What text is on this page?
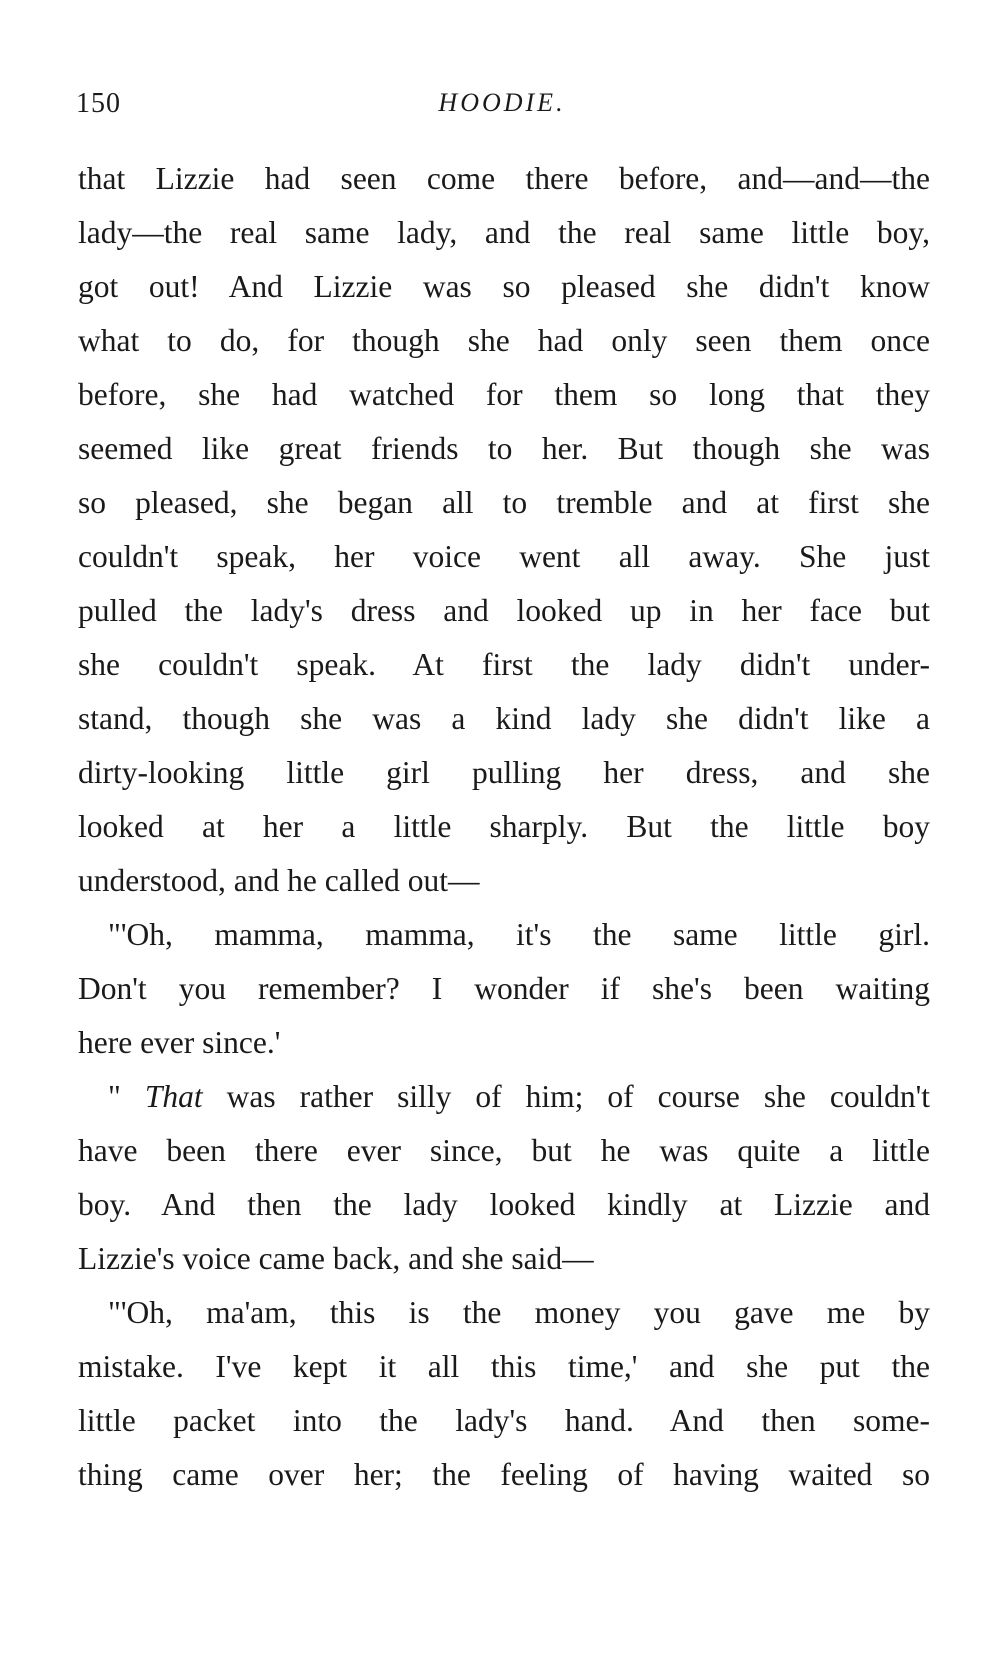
150	HOODIE.
that Lizzie had seen come there before, and—and—the
lady—the real same lady, and the real same little boy,
got out! And Lizzie was so pleased she didn't know
what to do, for though she had only seen them once
before, she had watched for them so long that they
seemed like great friends to her. But though she was
so pleased, she began all to tremble and at first she
couldn't speak, her voice went all away. She just
pulled the lady's dress and looked up in her face but
she couldn't speak. At first the lady didn't under-
stand, though she was a kind lady she didn't like a
dirty-looking little girl pulling her dress, and she
looked at her a little sharply. But the little boy
understood, and he called out—
"'Oh, mamma, mamma, it's the same little girl.
Don't you remember? I wonder if she's been waiting
here ever since.'
" That was rather silly of him; of course she couldn't
have been there ever since, but he was quite a little
boy. And then the lady looked kindly at Lizzie and
Lizzie's voice came back, and she said—
"'Oh, ma'am, this is the money you gave me by
mistake. I've kept it all this time,' and she put the
little packet into the lady's hand. And then some-
thing came over her; the feeling of having waited so
